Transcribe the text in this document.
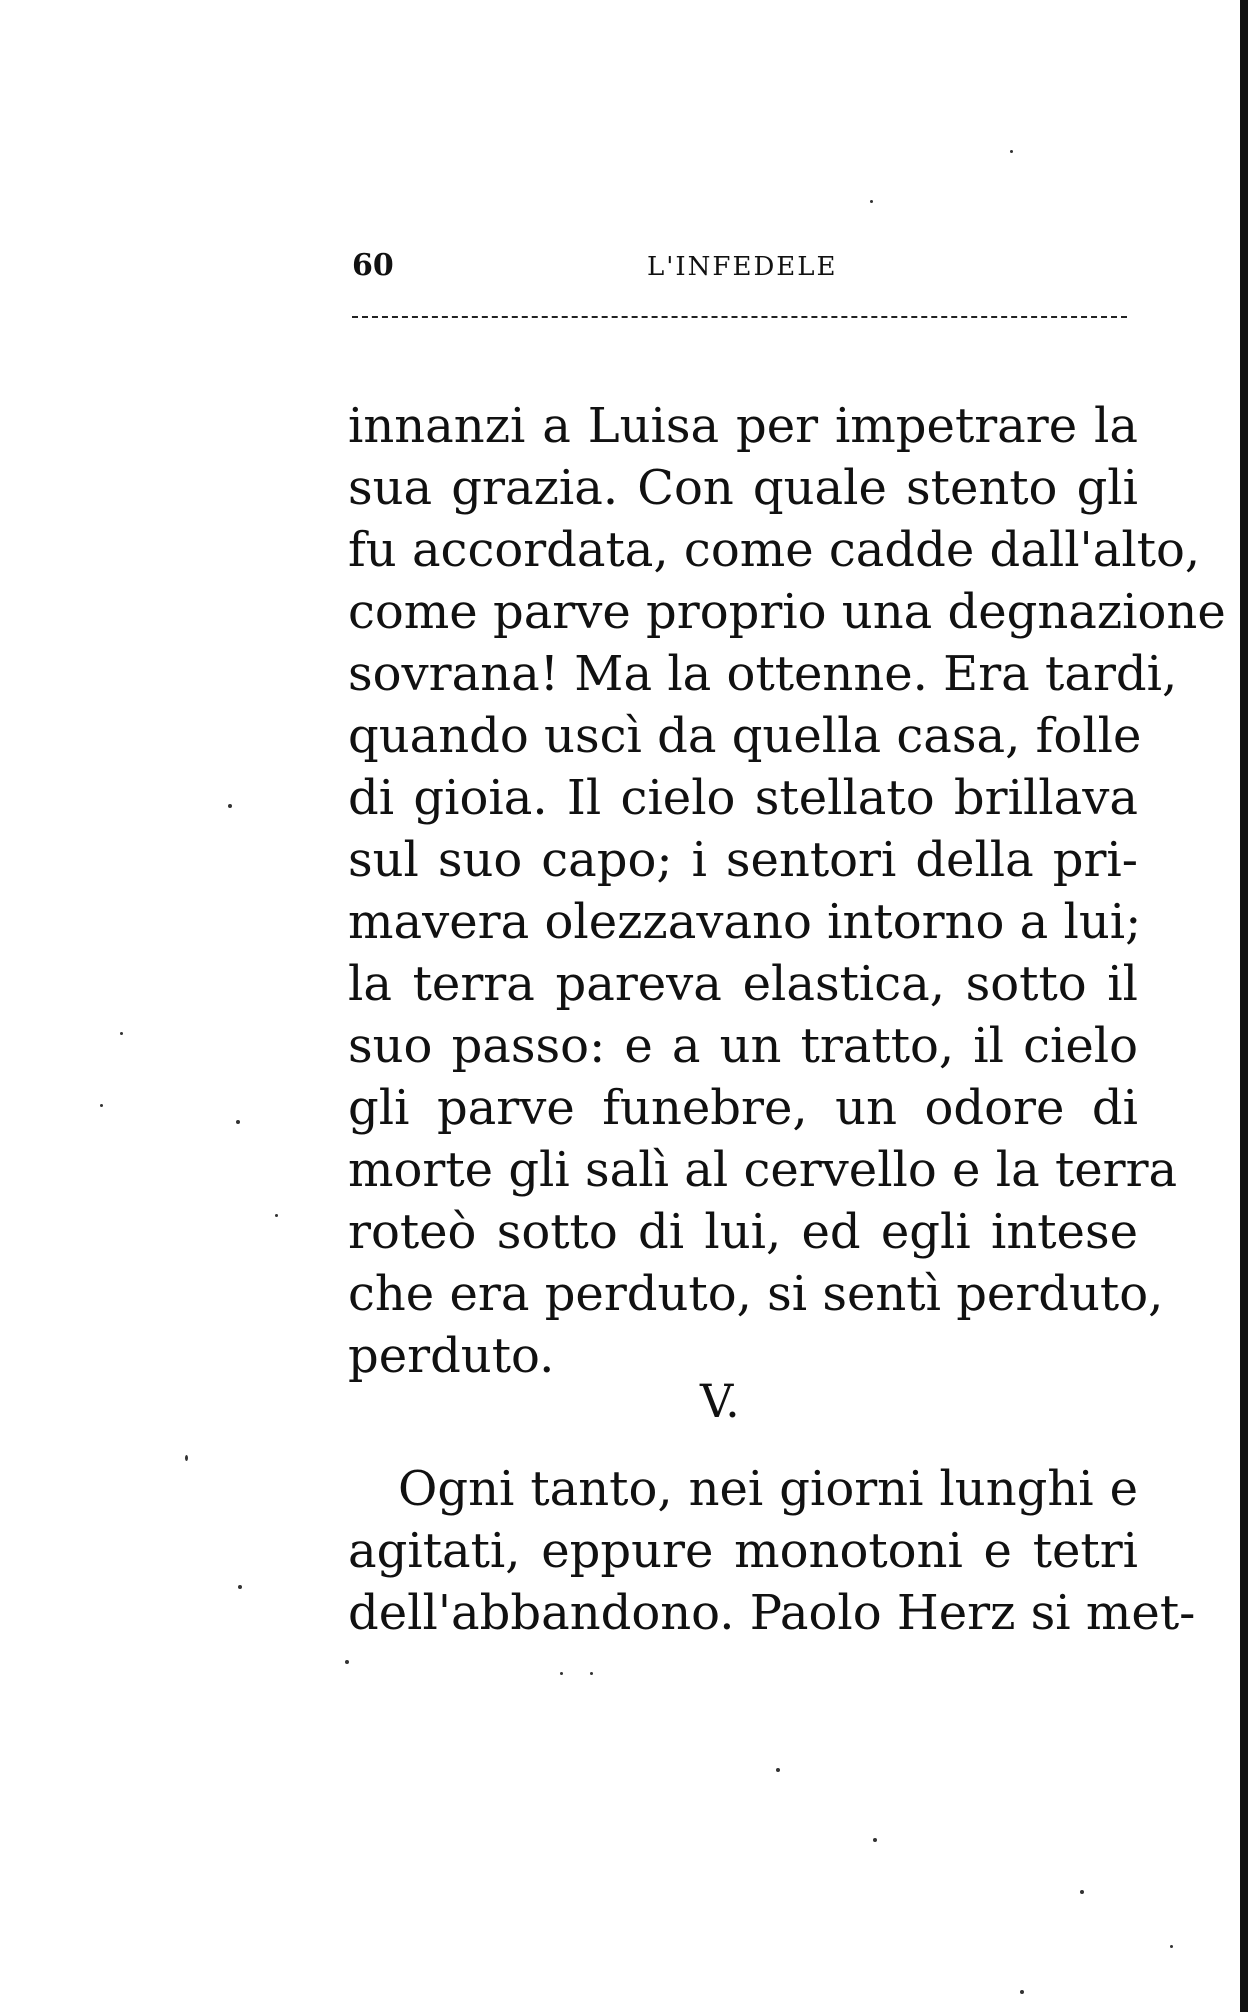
60	L'INFEDELE
innanzi a Luisa per impetrare la
sua grazia. Con quale stento gli
fu accordata, come cadde dall'alto,
come parve proprio una degnazione
sovrana! Ma la ottenne. Era tardi,
quando uscì da quella casa, folle
di gioia. Il cielo stellato brillava
sul suo capo; i sentori della pri-
mavera olezzavano intorno a lui;
la terra pareva elastica, sotto il
suo passo: e a un tratto, il cielo
gli parve funebre, un odore di
morte gli salì al cervello e la terra
roteò sotto di lui, ed egli intese
che era perduto, si sentì perduto,
perduto.
V.
Ogni tanto, nei giorni lunghi e
agitati, eppure monotoni e tetri
dell'abbandono. Paolo Herz si met-
